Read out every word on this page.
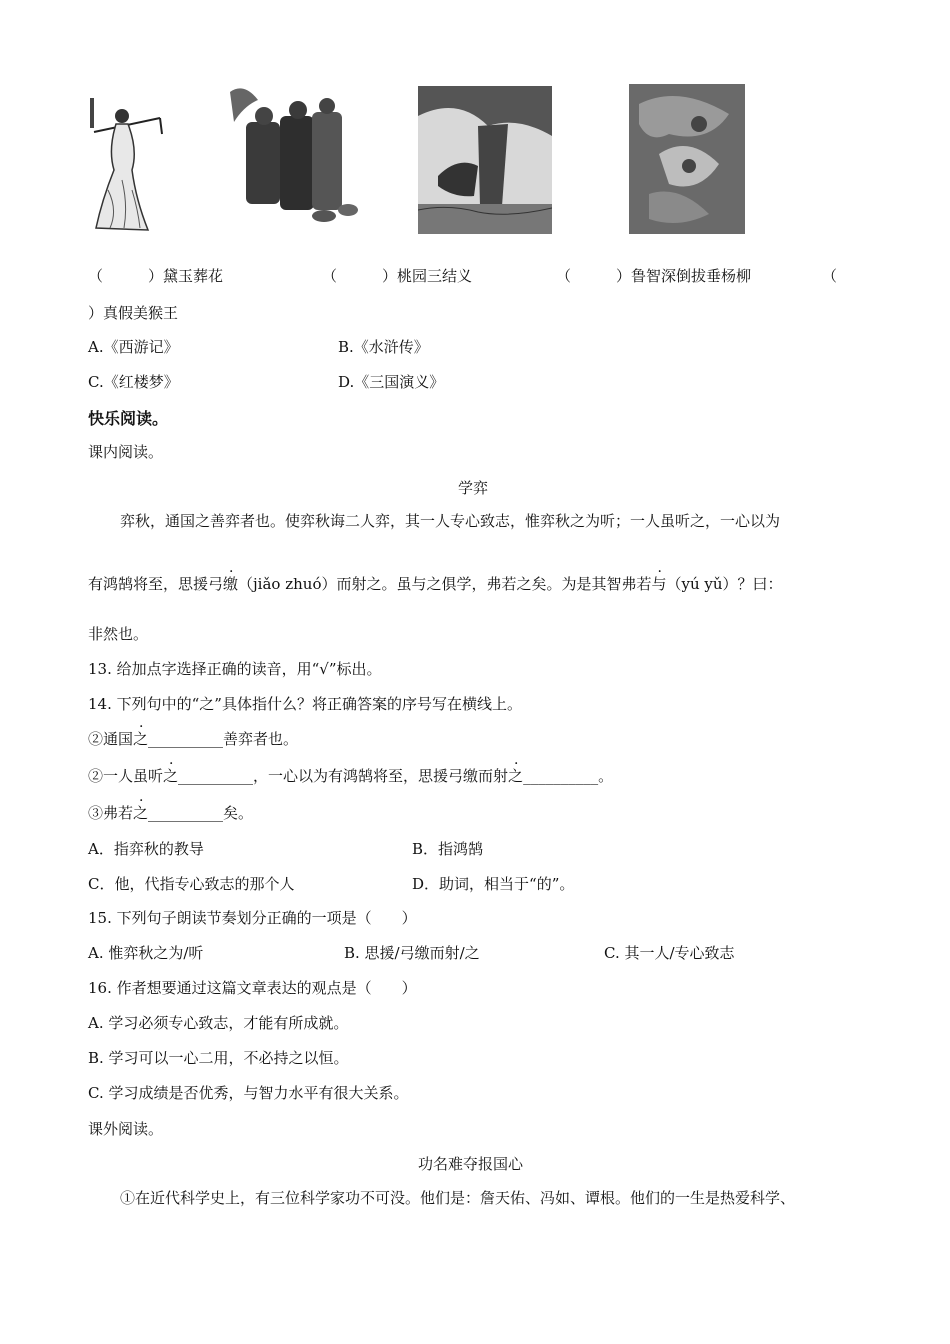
（　　　）黛玉葬花	（　　　）桃园三结义	（　　　）鲁智深倒拔垂杨柳	（
）真假美猴王
A.《西游记》	B.《水浒传》
C.《红楼梦》	D.《三国演义》
快乐阅读。
课内阅读。
学弈
弈秋，通国之善弈者也。使弈秋诲二人弈，其一人专心致志，惟弈秋之为听；一人虽听之，一心以为
有鸿鹄将至，思援弓缴（jiǎo zhuó）而射之。虽与之俱学，弗若之矣。为是其智弗若与（yú yǔ）？曰：
非然也。
13. 给加点字选择正确的读音，用“√”标出。
14. 下列句中的“之”具体指什么？将正确答案的序号写在横线上。
②通国之__________善弈者也。
②一人虽听之__________，一心以为有鸿鹄将至，思援弓缴而射之__________。
③弗若之__________矣。
A．指弈秋的教导	B．指鸿鹄
C．他，代指专心致志的那个人	D．助词，相当于“的”。
15. 下列句子朗读节奏划分正确的一项是（　　）
A. 惟弈秋之为/听	B. 思援/弓缴而射/之	C. 其一人/专心致志
16. 作者想要通过这篇文章表达的观点是（　　）
A. 学习必须专心致志，才能有所成就。
B. 学习可以一心二用，不必持之以恒。
C. 学习成绩是否优秀，与智力水平有很大关系。
课外阅读。
功名难夺报国心
①在近代科学史上，有三位科学家功不可没。他们是：詹天佑、冯如、谭根。他们的一生是热爱科学、
